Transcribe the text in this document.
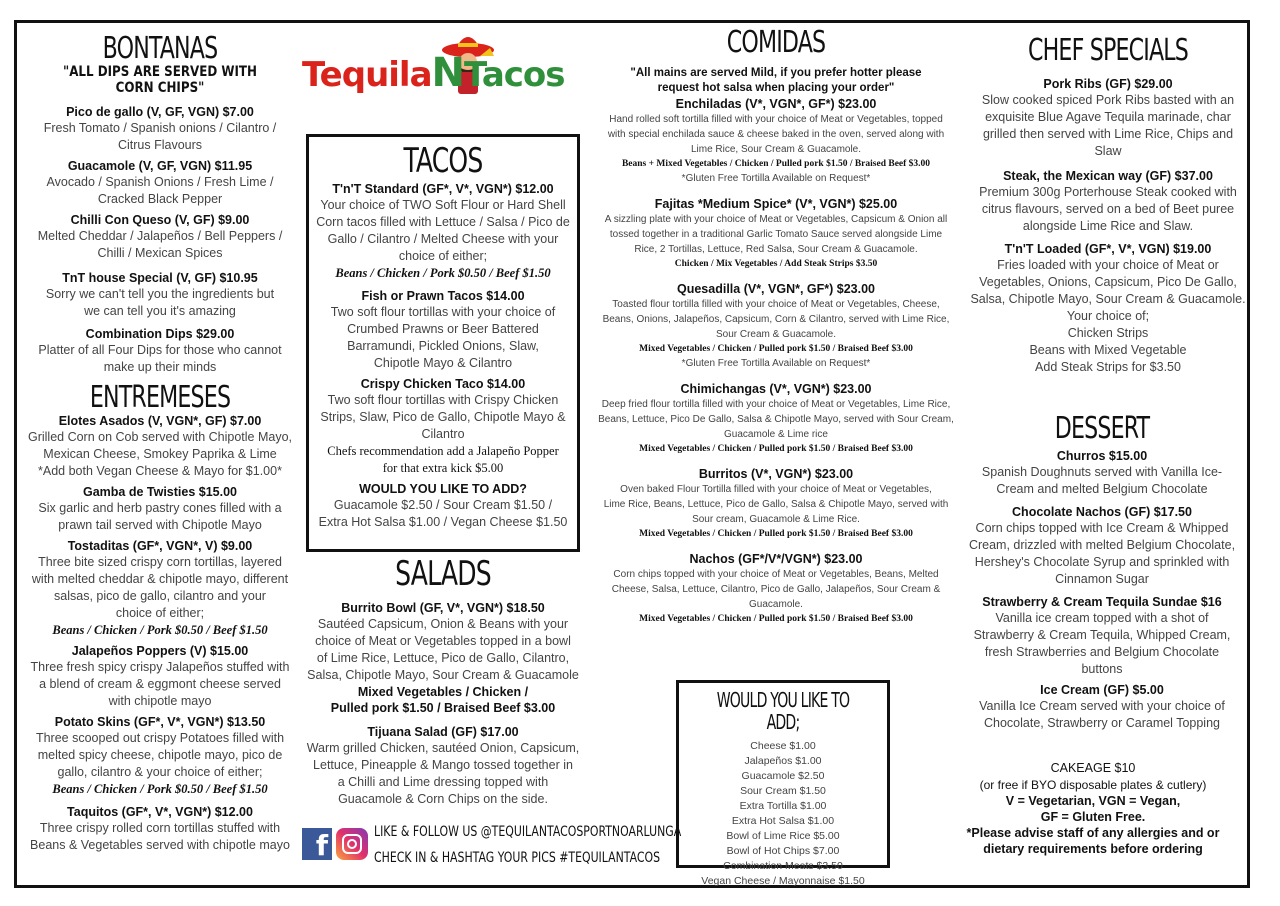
BONTANAS
"ALL DIPS ARE SERVED WITH CORN CHIPS"
Pico de gallo (V, GF, VGN) $7.00
Fresh Tomato / Spanish onions / Cilantro /
Citrus Flavours
Guacamole (V, GF, VGN) $11.95
Avocado / Spanish Onions / Fresh Lime /
Cracked Black Pepper
Chilli Con Queso (V, GF) $9.00
Melted Cheddar / Jalapeños / Bell Peppers /
Chilli / Mexican Spices
TnT house Special (V, GF) $10.95
Sorry we can't tell you the ingredients but
we can tell you it's amazing
Combination Dips $29.00
Platter of all Four Dips for those who cannot
make up their minds
ENTREMESES
Elotes Asados (V, VGN*, GF) $7.00
Grilled Corn on Cob served with Chipotle Mayo,
Mexican Cheese, Smokey Paprika & Lime
*Add both Vegan Cheese & Mayo for $1.00*
Gamba de Twisties $15.00
Six garlic and herb pastry cones filled with a
prawn tail served with Chipotle Mayo
Tostaditas (GF*, VGN*, V) $9.00
Three bite sized crispy corn tortillas, layered
with melted cheddar & chipotle mayo, different
salsas, pico de gallo, cilantro and your
choice of either;
Beans / Chicken / Pork $0.50 / Beef $1.50
Jalapeños Poppers (V) $15.00
Three fresh spicy crispy Jalapeños stuffed with
a blend of cream & eggmont cheese served
with chipotle mayo
Potato Skins (GF*, V*, VGN*) $13.50
Three scooped out crispy Potatoes filled with
melted spicy cheese, chipotle mayo, pico de
gallo, cilantro & your choice of either;
Beans / Chicken / Pork $0.50 / Beef $1.50
Taquitos (GF*, V*, VGN*) $12.00
Three crispy rolled corn tortillas stuffed with
Beans & Vegetables served with chipotle mayo
TequilaNTacos
TACOS
T'n'T Standard (GF*, V*, VGN*) $12.00
Your choice of TWO Soft Flour or Hard Shell
Corn tacos filled with Lettuce / Salsa / Pico de
Gallo / Cilantro / Melted Cheese with your
choice of either;
Beans / Chicken / Pork $0.50 / Beef $1.50
Fish or Prawn Tacos $14.00
Two soft flour tortillas with your choice of
Crumbed Prawns or Beer Battered
Barramundi, Pickled Onions, Slaw,
Chipotle Mayo & Cilantro
Crispy Chicken Taco $14.00
Two soft flour tortillas with Crispy Chicken
Strips, Slaw, Pico de Gallo, Chipotle Mayo &
Cilantro
Chefs recommendation add a Jalapeño Popper
for that extra kick $5.00
WOULD YOU LIKE TO ADD?
Guacamole $2.50 / Sour Cream $1.50 /
Extra Hot Salsa $1.00 / Vegan Cheese $1.50
SALADS
Burrito Bowl (GF, V*, VGN*) $18.50
Sautéed Capsicum, Onion & Beans with your
choice of Meat or Vegetables topped in a bowl
of Lime Rice, Lettuce, Pico de Gallo, Cilantro,
Salsa, Chipotle Mayo, Sour Cream & Guacamole
Mixed Vegetables / Chicken /
Pulled pork $1.50 / Braised Beef $3.00
Tijuana Salad (GF) $17.00
Warm grilled Chicken, sautéed Onion, Capsicum,
Lettuce, Pineapple & Mango tossed together in
a Chilli and Lime dressing topped with
Guacamole & Corn Chips on the side.
f	LIKE & FOLLOW US @TEQUILANTACOSPORTNOARLUNGA
CHECK IN & HASHTAG YOUR PICS #TEQUILANTACOS
COMIDAS
"All mains are served Mild, if you prefer hotter please
request hot salsa when placing your order"
Enchiladas (V*, VGN*, GF*) $23.00
Hand rolled soft tortilla filled with your choice of Meat or Vegetables, topped
with special enchilada sauce & cheese baked in the oven, served along with
Lime Rice, Sour Cream & Guacamole.
Beans + Mixed Vegetables / Chicken / Pulled pork $1.50 / Braised Beef $3.00
*Gluten Free Tortilla Available on Request*
Fajitas *Medium Spice* (V*, VGN*) $25.00
A sizzling plate with your choice of Meat or Vegetables, Capsicum & Onion all
tossed together in a traditional Garlic Tomato Sauce served alongside Lime
Rice, 2 Tortillas, Lettuce, Red Salsa, Sour Cream & Guacamole.
Chicken / Mix Vegetables / Add Steak Strips $3.50
Quesadilla (V*, VGN*, GF*) $23.00
Toasted flour tortilla filled with your choice of Meat or Vegetables, Cheese,
Beans, Onions, Jalapeños, Capsicum, Corn & Cilantro, served with Lime Rice,
Sour Cream & Guacamole.
Mixed Vegetables / Chicken / Pulled pork $1.50 / Braised Beef $3.00
*Gluten Free Tortilla Available on Request*
Chimichangas (V*, VGN*) $23.00
Deep fried flour tortilla filled with your choice of Meat or Vegetables, Lime Rice,
Beans, Lettuce, Pico De Gallo, Salsa & Chipotle Mayo, served with Sour Cream,
Guacamole & Lime rice
Mixed Vegetables / Chicken / Pulled pork $1.50 / Braised Beef $3.00
Burritos (V*, VGN*) $23.00
Oven baked Flour Tortilla filled with your choice of Meat or Vegetables,
Lime Rice, Beans, Lettuce, Pico de Gallo, Salsa & Chipotle Mayo, served with
Sour cream, Guacamole & Lime Rice.
Mixed Vegetables / Chicken / Pulled pork $1.50 / Braised Beef $3.00
Nachos (GF*/V*/VGN*) $23.00
Corn chips topped with your choice of Meat or Vegetables, Beans, Melted
Cheese, Salsa, Lettuce, Cilantro, Pico de Gallo, Jalapeños, Sour Cream &
Guacamole.
Mixed Vegetables / Chicken / Pulled pork $1.50 / Braised Beef $3.00
WOULD YOU LIKE TO ADD;
Cheese $1.00
Jalapeños $1.00
Guacamole $2.50
Sour Cream $1.50
Extra Tortilla $1.00
Extra Hot Salsa $1.00
Bowl of Lime Rice $5.00
Bowl of Hot Chips $7.00
Combination Meats $3.50
Vegan Cheese / Mayonnaise $1.50
CHEF SPECIALS
Pork Ribs (GF) $29.00
Slow cooked spiced Pork Ribs basted with an
exquisite Blue Agave Tequila marinade, char
grilled then served with Lime Rice, Chips and Slaw
Steak, the Mexican way (GF) $37.00
Premium 300g Porterhouse Steak cooked with
citrus flavours, served on a bed of Beet puree
alongside Lime Rice and Slaw.
T'n'T Loaded (GF*, V*, VGN) $19.00
Fries loaded with your choice of Meat or
Vegetables, Onions, Capsicum, Pico De Gallo,
Salsa, Chipotle Mayo, Sour Cream & Guacamole.
Your choice of;
Chicken Strips
Beans with Mixed Vegetable
Add Steak Strips for $3.50
DESSERT
Churros $15.00
Spanish Doughnuts served with Vanilla Ice-
Cream and melted Belgium Chocolate
Chocolate Nachos (GF) $17.50
Corn chips topped with Ice Cream & Whipped
Cream, drizzled with melted Belgium Chocolate,
Hershey's Chocolate Syrup and sprinkled with
Cinnamon Sugar
Strawberry & Cream Tequila Sundae $16
Vanilla ice cream topped with a shot of
Strawberry & Cream Tequila, Whipped Cream,
fresh Strawberries and Belgium Chocolate
buttons
Ice Cream (GF) $5.00
Vanilla Ice Cream served with your choice of
Chocolate, Strawberry or Caramel Topping
CAKEAGE $10
(or free if BYO disposable plates & cutlery)
V = Vegetarian, VGN = Vegan,
GF = Gluten Free.
*Please advise staff of any allergies and or
dietary requirements before ordering
